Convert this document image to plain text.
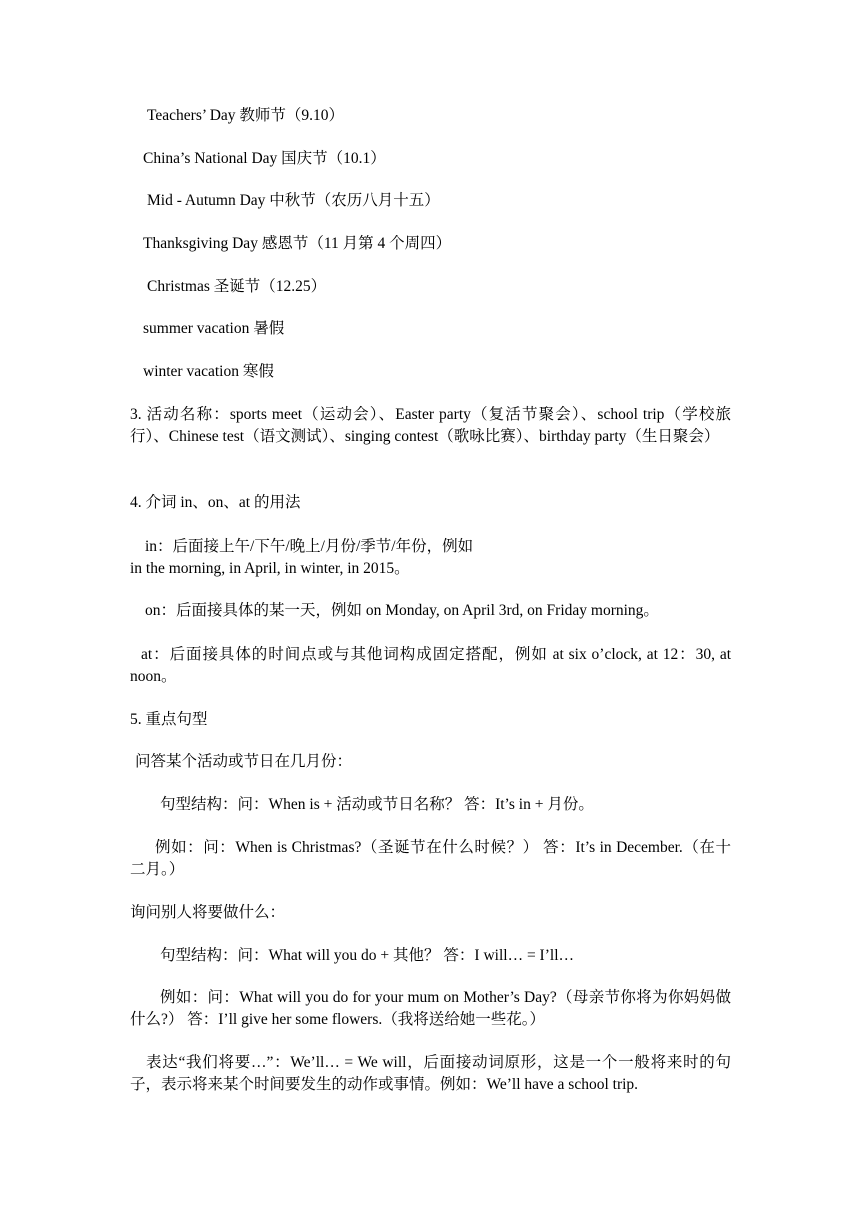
Teachers’ Day 教师节（9.10）
China’s National Day 国庆节（10.1）
Mid - Autumn Day 中秋节（农历八月十五）
Thanksgiving Day 感恩节（11 月第 4 个周四）
Christmas 圣诞节（12.25）
summer vacation 暑假
winter vacation 寒假
3. 活动名称：sports meet（运动会）、Easter party（复活节聚会）、school trip（学校旅行）、Chinese test（语文测试）、singing contest（歌咏比赛）、birthday party（生日聚会）
4. 介词 in、on、at 的用法
in：后面接上午/下午/晚上/月份/季节/年份，例如
in the morning, in April, in winter, in 2015。
on：后面接具体的某一天，例如 on Monday, on April 3rd, on Friday morning。
at：后面接具体的时间点或与其他词构成固定搭配，例如 at six o’clock, at 12：30, at noon。
5. 重点句型
问答某个活动或节日在几月份：
句型结构：问：When is + 活动或节日名称？ 答：It’s in + 月份。
例如：问：When is Christmas?（圣诞节在什么时候？） 答：It’s in December.（在十二月。）
询问别人将要做什么：
句型结构：问：What will you do + 其他？ 答：I will… = I’ll…
例如：问：What will you do for your mum on Mother’s Day?（母亲节你将为你妈妈做什么?） 答：I’ll give her some flowers.（我将送给她一些花。）
表达“我们将要…”：We’ll… = We will，后面接动词原形，这是一个一般将来时的句子，表示将来某个时间要发生的动作或事情。例如：We’ll have a school trip.
